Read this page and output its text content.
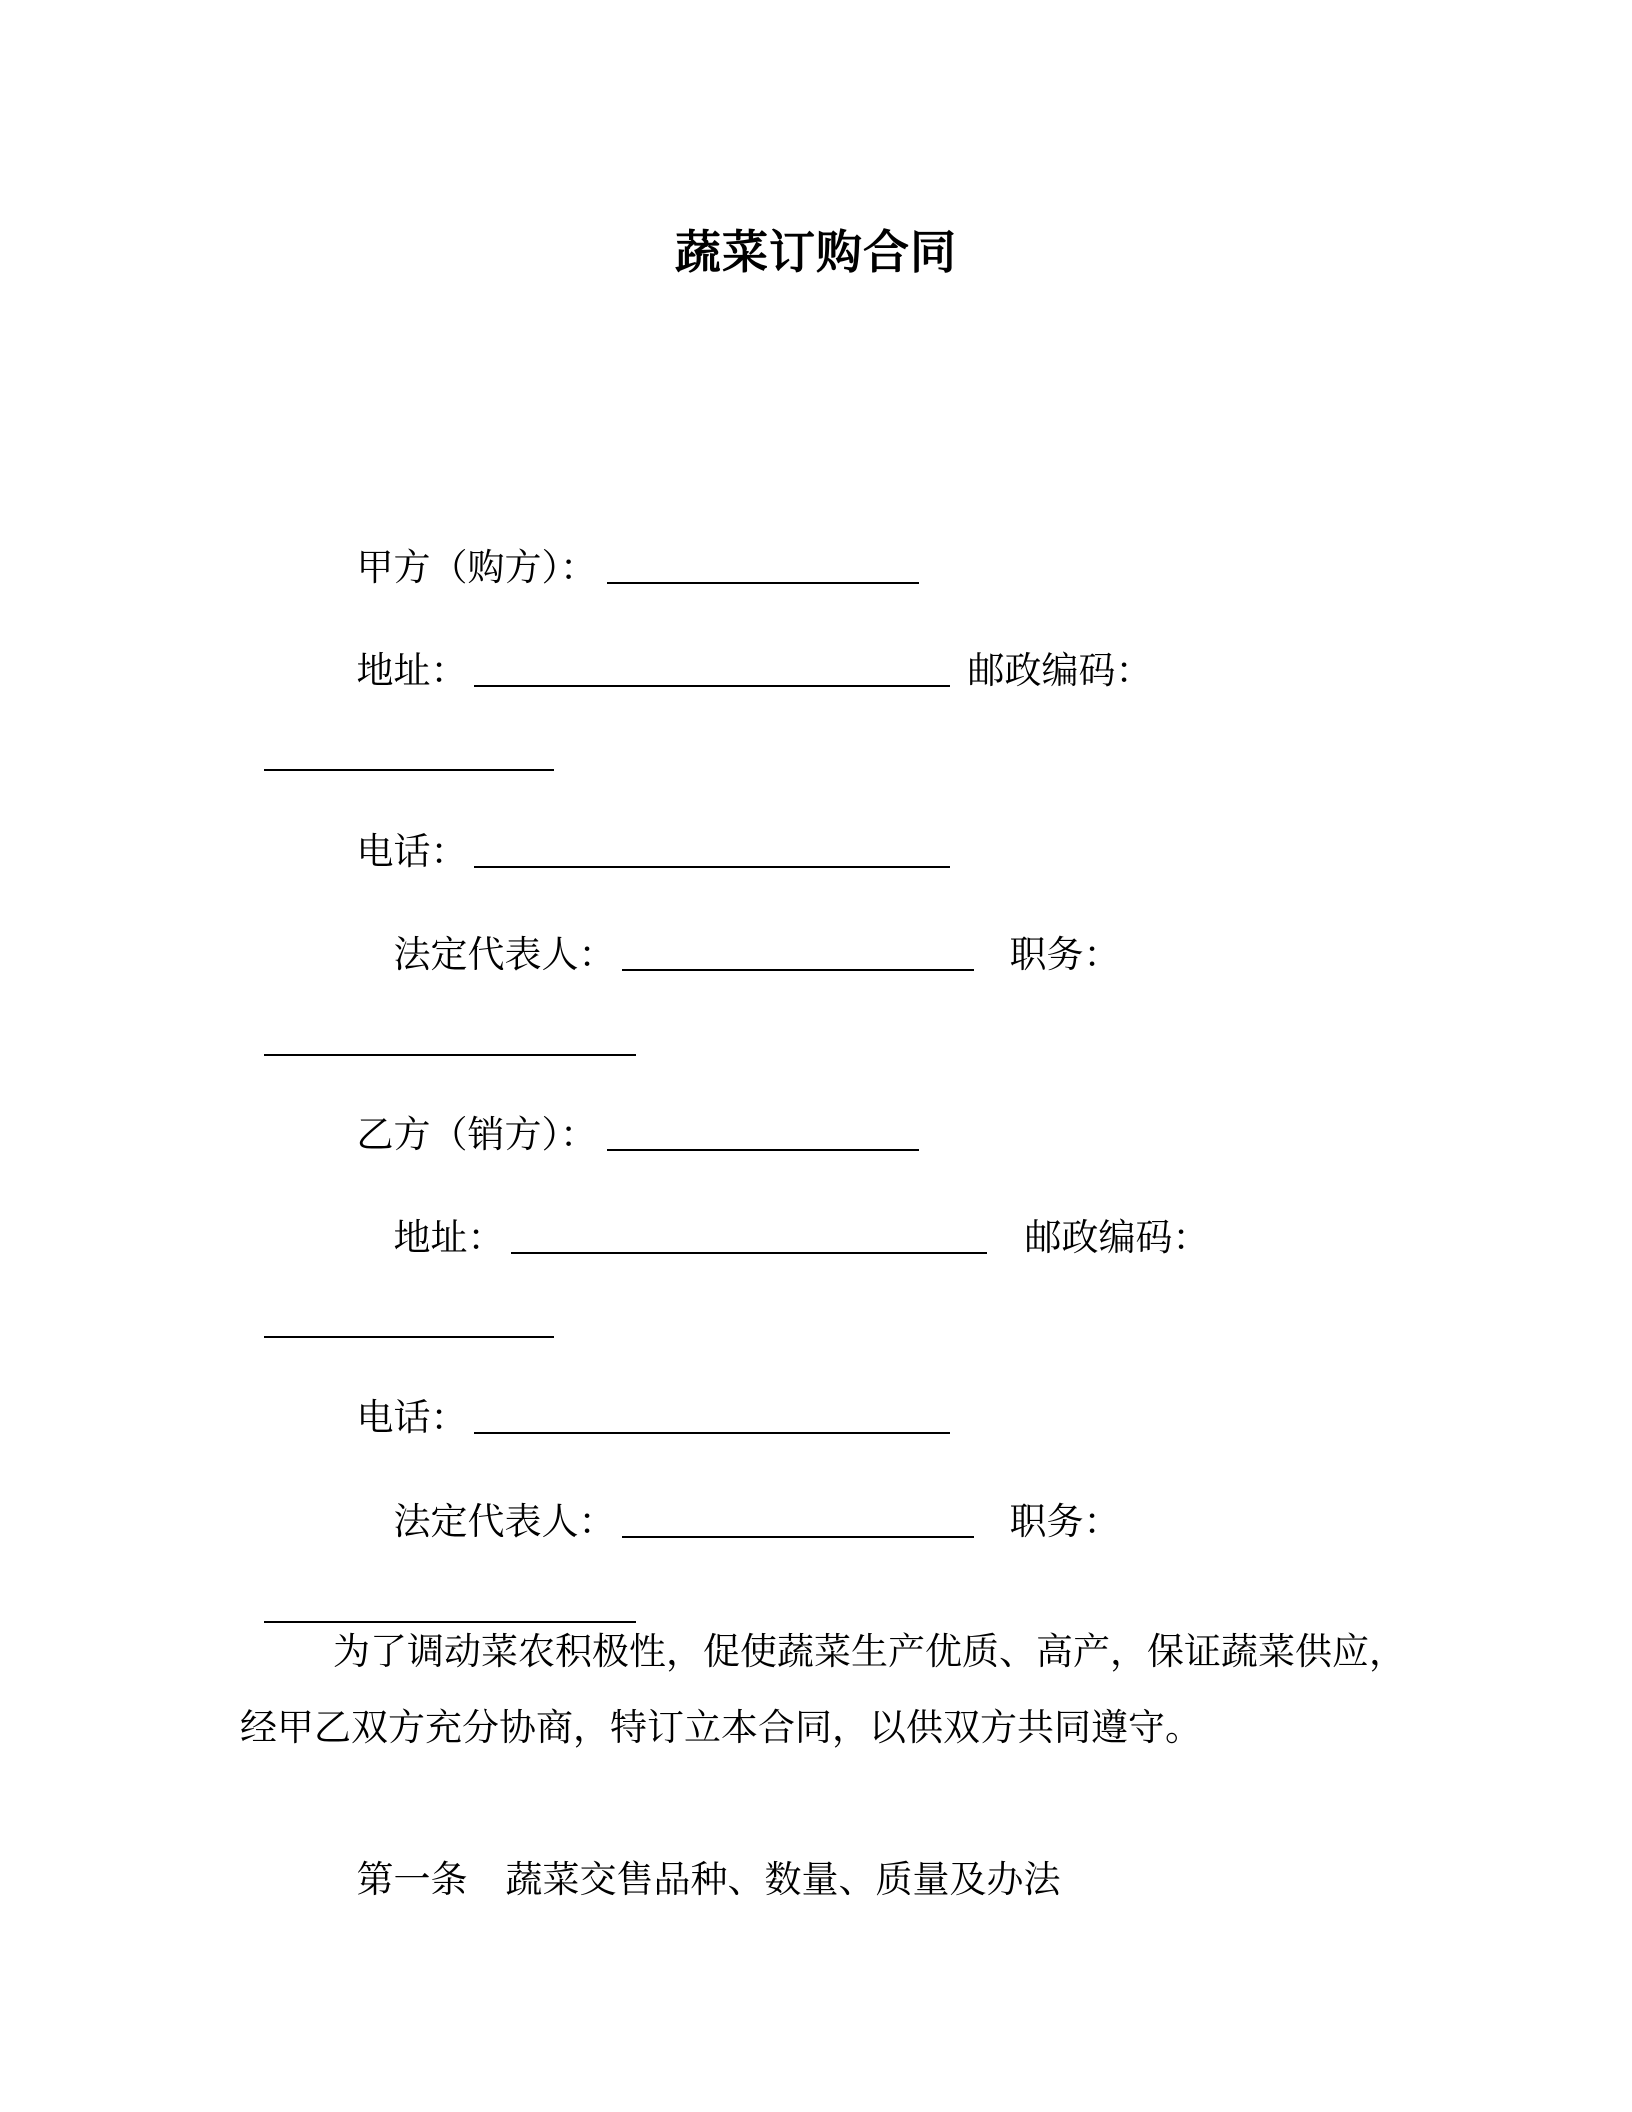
蔬菜订购合同

甲方（购方）：

地址：	邮政编码：

电话：

法定代表人：	职务：

乙方（销方）：

地址：	邮政编码：

电话：

法定代表人：	职务：

为了调动菜农积极性，促使蔬菜生产优质、高产，保证蔬菜供应，
经甲乙双方充分协商，特订立本合同，以供双方共同遵守。

第一条 蔬菜交售品种、数量、质量及办法
